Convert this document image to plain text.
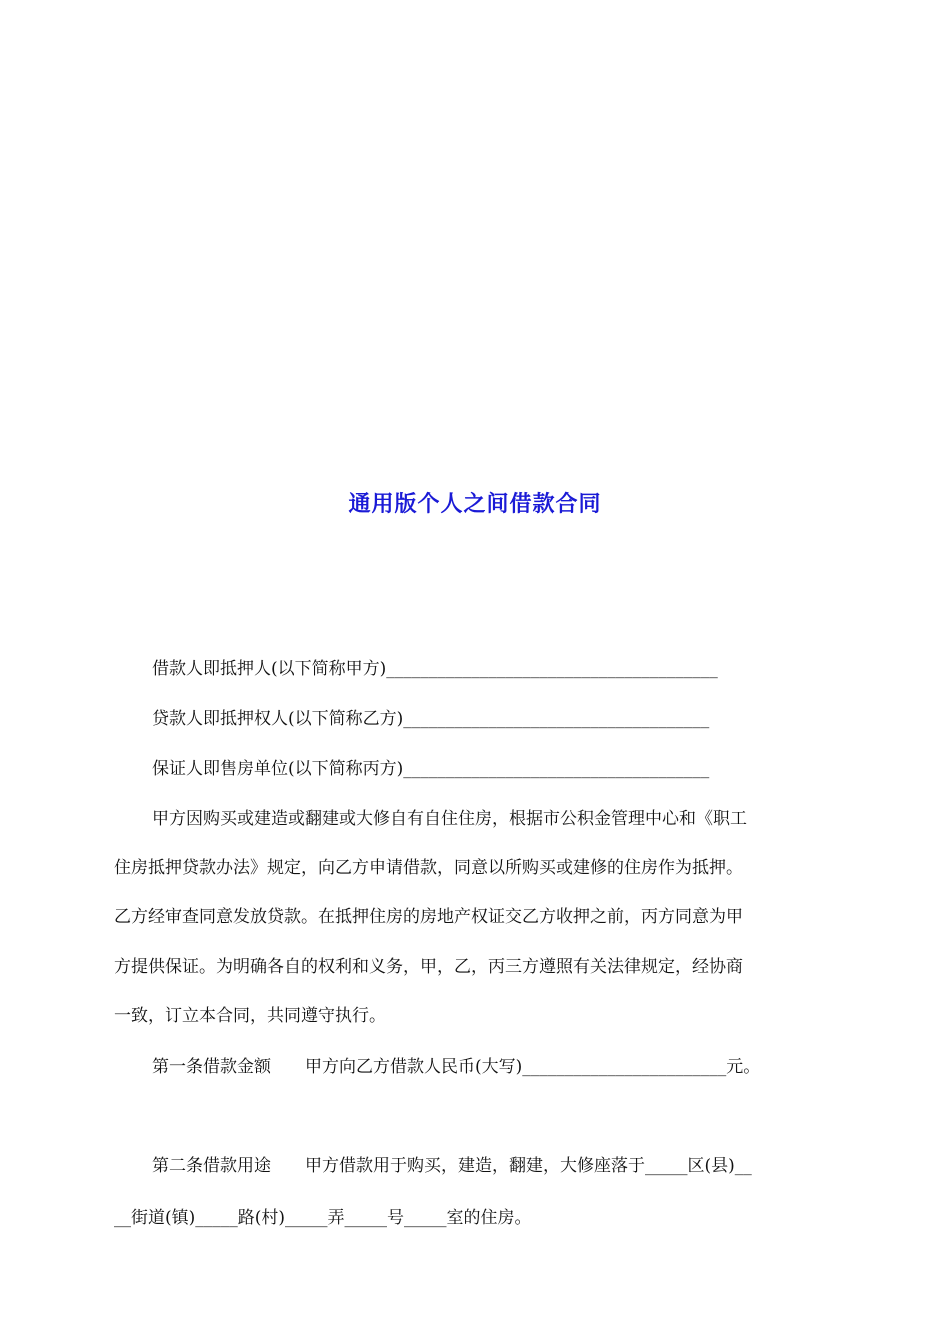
通用版个人之间借款合同
借款人即抵押人(以下简称甲方)_______________________________________
贷款人即抵押权人(以下简称乙方)____________________________________
保证人即售房单位(以下简称丙方)____________________________________
甲方因购买或建造或翻建或大修自有自住住房，根据市公积金管理中心和《职工
住房抵押贷款办法》规定，向乙方申请借款，同意以所购买或建修的住房作为抵押。
乙方经审查同意发放贷款。在抵押住房的房地产权证交乙方收押之前，丙方同意为甲
方提供保证。为明确各自的权利和义务，甲，乙，丙三方遵照有关法律规定，经协商
一致，订立本合同，共同遵守执行。
第一条借款金额　　甲方向乙方借款人民币(大写)________________________元。
第二条借款用途　　甲方借款用于购买，建造，翻建，大修座落于_____区(县)__
__街道(镇)_____路(村)_____弄_____号_____室的住房。
